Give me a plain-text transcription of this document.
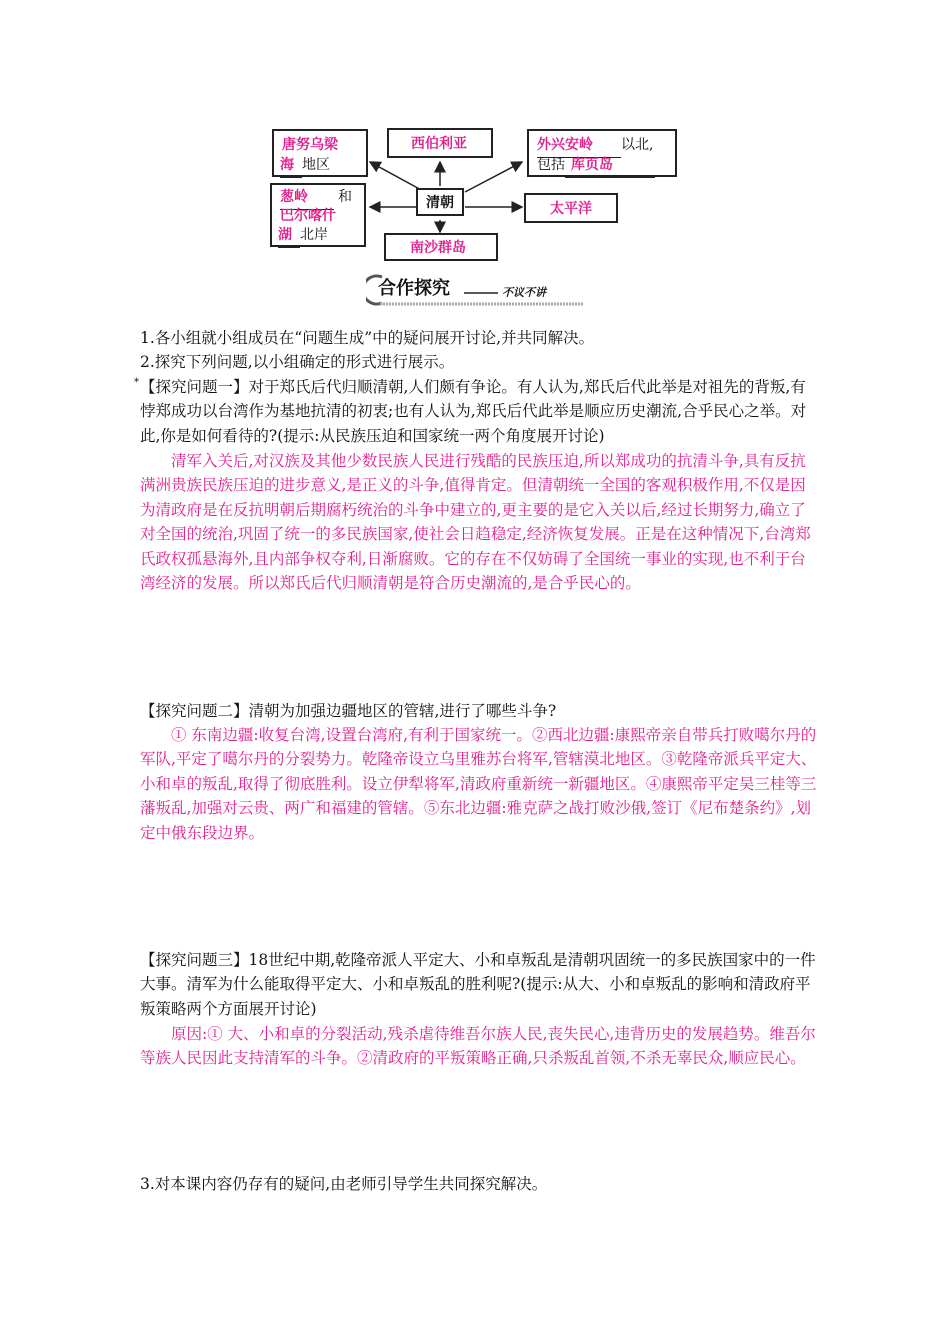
唐努乌梁
海 地区
西伯利亚	外兴安岭 以北,
包括 库页岛
清朝
葱岭 和
巴尔喀什
湖 北岸
太平洋
南沙群岛
合作探究	不议不讲
1.各小组就小组成员在“问题生成”中的疑问展开讨论,并共同解决。
2.探究下列问题,以小组确定的形式进行展示。
* 【探究问题一】对于郑氏后代归顺清朝,人们颇有争论。有人认为,郑氏后代此举是对祖先的背叛,有悖郑成功以台湾作为基地抗清的初衷;也有人认为,郑氏后代此举是顺应历史潮流,合乎民心之举。对此,你是如何看待的?(提示:从民族压迫和国家统一两个角度展开讨论)

清军入关后,对汉族及其他少数民族人民进行残酷的民族压迫,所以郑成功的抗清斗争,具有反抗满洲贵族民族压迫的进步意义,是正义的斗争,值得肯定。但清朝统一全国的客观积极作用,不仅是因为清政府是在反抗明朝后期腐朽统治的斗争中建立的,更主要的是它入关以后,经过长期努力,确立了对全国的统治,巩固了统一的多民族国家,使社会日趋稳定,经济恢复发展。正是在这种情况下,台湾郑氏政权孤悬海外,且内部争权夺利,日渐腐败。它的存在不仅妨碍了全国统一事业的实现,也不利于台湾经济的发展。所以郑氏后代归顺清朝是符合历史潮流的,是合乎民心的。
【探究问题二】清朝为加强边疆地区的管辖,进行了哪些斗争?
① 东南边疆:收复台湾,设置台湾府,有利于国家统一。②西北边疆:康熙帝亲自带兵打败噶尔丹的军队,平定了噶尔丹的分裂势力。乾隆帝设立乌里雅苏台将军,管辖漠北地区。③乾隆帝派兵平定大、小和卓的叛乱,取得了彻底胜利。设立伊犁将军,清政府重新统一新疆地区。④康熙帝平定吴三桂等三藩叛乱,加强对云贵、两广和福建的管辖。⑤东北边疆:雅克萨之战打败沙俄,签订《尼布楚条约》,划定中俄东段边界。
【探究问题三】18世纪中期,乾隆帝派人平定大、小和卓叛乱是清朝巩固统一的多民族国家中的一件大事。清军为什么能取得平定大、小和卓叛乱的胜利呢?(提示:从大、小和卓叛乱的影响和清政府平叛策略两个方面展开讨论)
原因:① 大、小和卓的分裂活动,残杀虐待维吾尔族人民,丧失民心,违背历史的发展趋势。维吾尔等族人民因此支持清军的斗争。②清政府的平叛策略正确,只杀叛乱首领,不杀无辜民众,顺应民心。
3.对本课内容仍存有的疑问,由老师引导学生共同探究解决。
